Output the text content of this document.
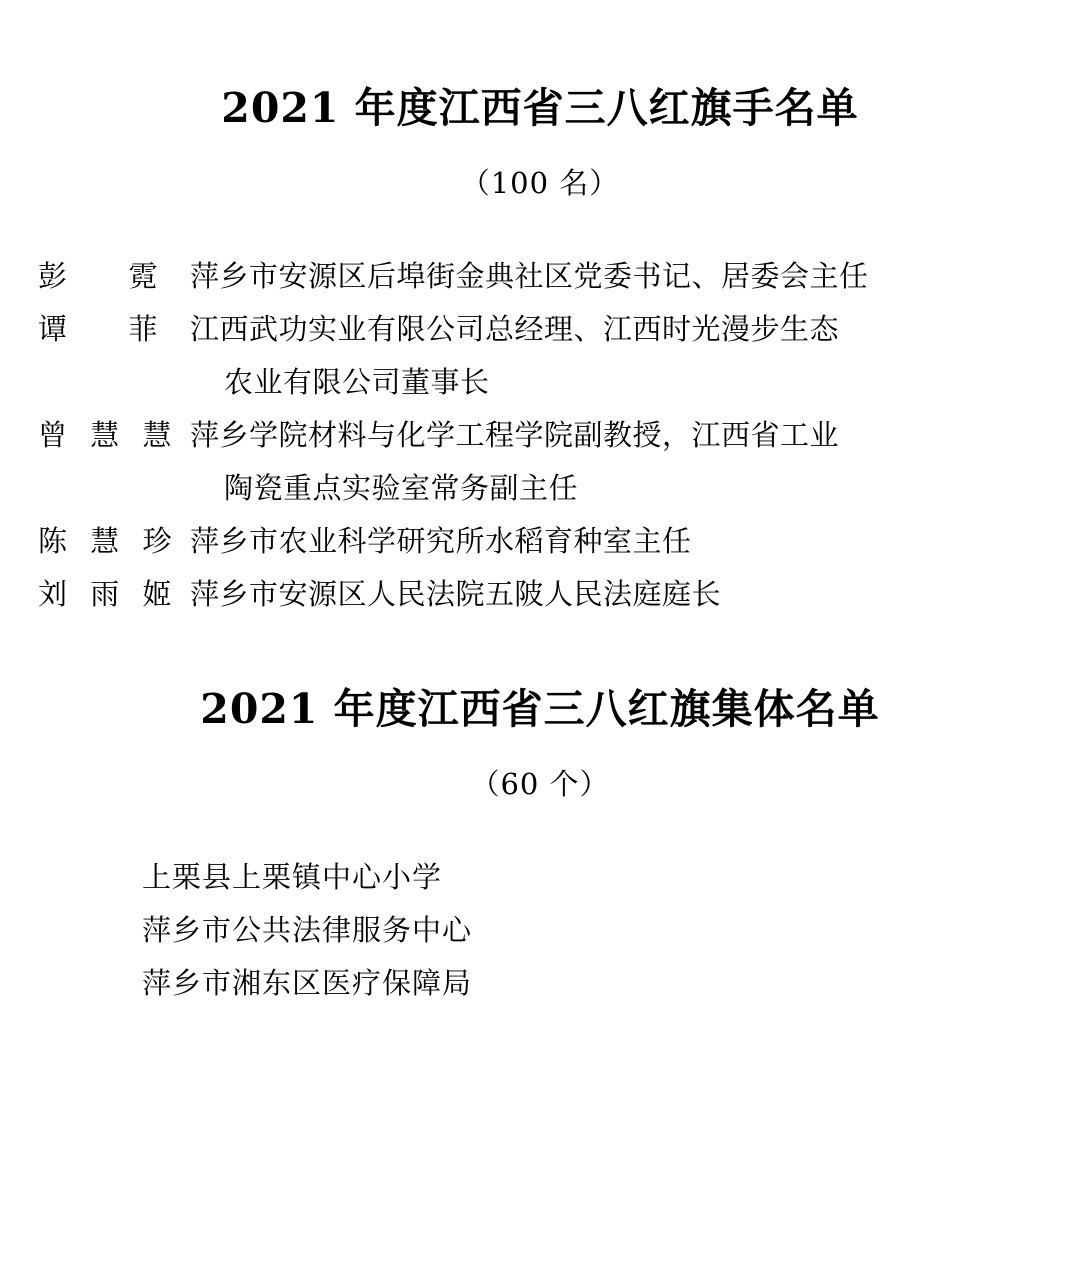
2021 年度江西省三八红旗手名单

（100 名）

彭 霓 萍乡市安源区后埠街金典社区党委书记、居委会主任
谭 菲 江西武功实业有限公司总经理、江西时光漫步生态
农业有限公司董事长
曾 慧 慧 萍乡学院材料与化学工程学院副教授，江西省工业
陶瓷重点实验室常务副主任
陈 慧 珍 萍乡市农业科学研究所水稻育种室主任
刘 雨 姬 萍乡市安源区人民法院五陂人民法庭庭长
2021 年度江西省三八红旗集体名单

（60 个）

上栗县上栗镇中心小学
萍乡市公共法律服务中心
萍乡市湘东区医疗保障局
